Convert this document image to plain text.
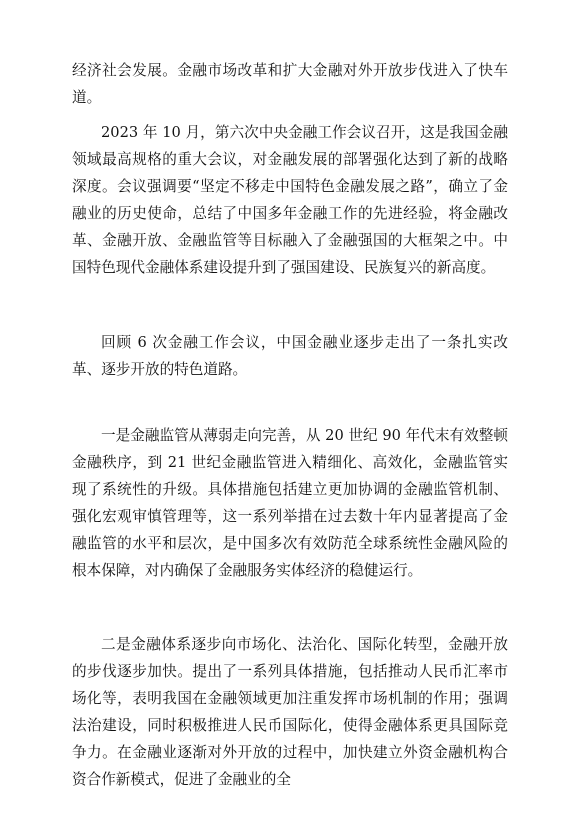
经济社会发展。金融市场改革和扩大金融对外开放步伐进入了快车道。

2023 年 10 月，第六次中央金融工作会议召开，这是我国金融领域最高规格的重大会议，对金融发展的部署强化达到了新的战略深度。会议强调要“坚定不移走中国特色金融发展之路”，确立了金融业的历史使命，总结了中国多年金融工作的先进经验，将金融改革、金融开放、金融监管等目标融入了金融强国的大框架之中。中国特色现代金融体系建设提升到了强国建设、民族复兴的新高度。

回顾 6 次金融工作会议，中国金融业逐步走出了一条扎实改革、逐步开放的特色道路。

一是金融监管从薄弱走向完善，从 20 世纪 90 年代末有效整顿金融秩序，到 21 世纪金融监管进入精细化、高效化，金融监管实现了系统性的升级。具体措施包括建立更加协调的金融监管机制、强化宏观审慎管理等，这一系列举措在过去数十年内显著提高了金融监管的水平和层次，是中国多次有效防范全球系统性金融风险的根本保障，对内确保了金融服务实体经济的稳健运行。

二是金融体系逐步向市场化、法治化、国际化转型，金融开放的步伐逐步加快。提出了一系列具体措施，包括推动人民币汇率市场化等，表明我国在金融领域更加注重发挥市场机制的作用；强调法治建设，同时积极推进人民币国际化，使得金融体系更具国际竞争力。在金融业逐渐对外开放的过程中，加快建立外资金融机构合资合作新模式，促进了金融业的全
